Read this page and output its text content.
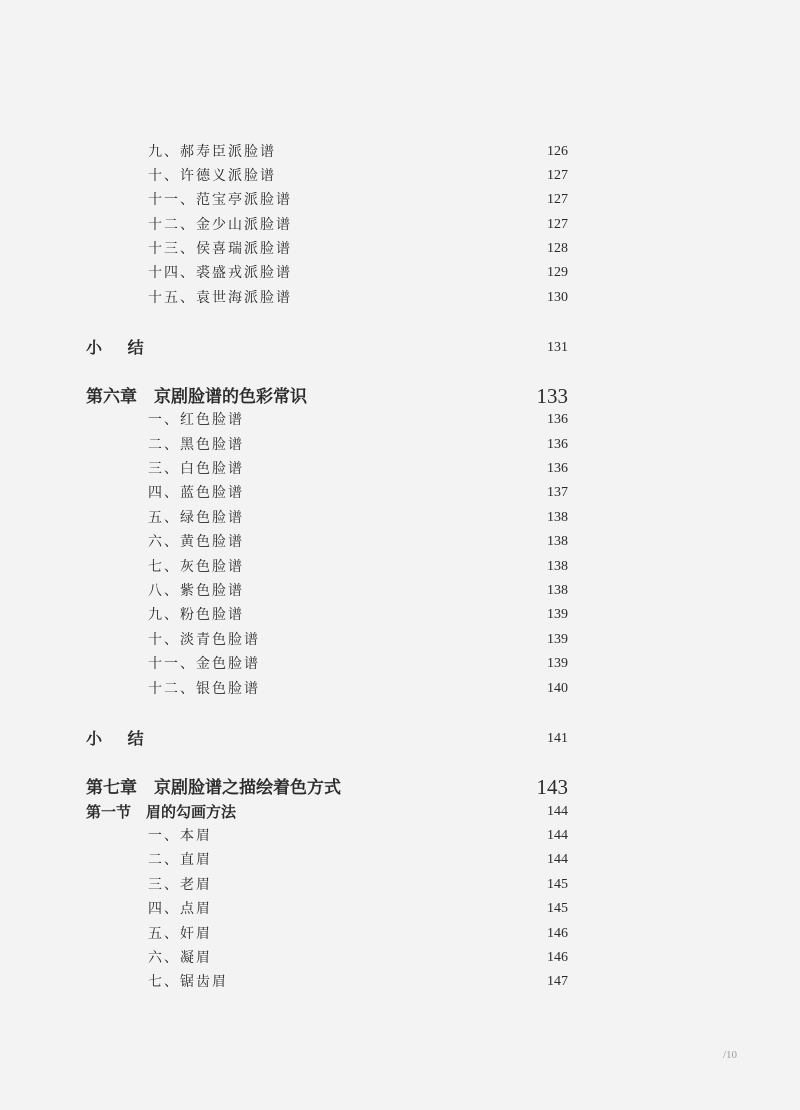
九、郝寿臣派脸谱	126
十、许德义派脸谱	127
十一、范宝亭派脸谱	127
十二、金少山派脸谱	127
十三、侯喜瑞派脸谱	128
十四、裘盛戎派脸谱	129
十五、袁世海派脸谱	130
小 结	131
第六章　京剧脸谱的色彩常识	133
一、红色脸谱	136
二、黑色脸谱	136
三、白色脸谱	136
四、蓝色脸谱	137
五、绿色脸谱	138
六、黄色脸谱	138
七、灰色脸谱	138
八、紫色脸谱	138
九、粉色脸谱	139
十、淡青色脸谱	139
十一、金色脸谱	139
十二、银色脸谱	140
小 结	141
第七章　京剧脸谱之描绘着色方式	143
第一节　眉的勾画方法	144
一、本眉	144
二、直眉	144
三、老眉	145
四、点眉	145
五、奸眉	146
六、凝眉	146
七、锯齿眉	147
/10
